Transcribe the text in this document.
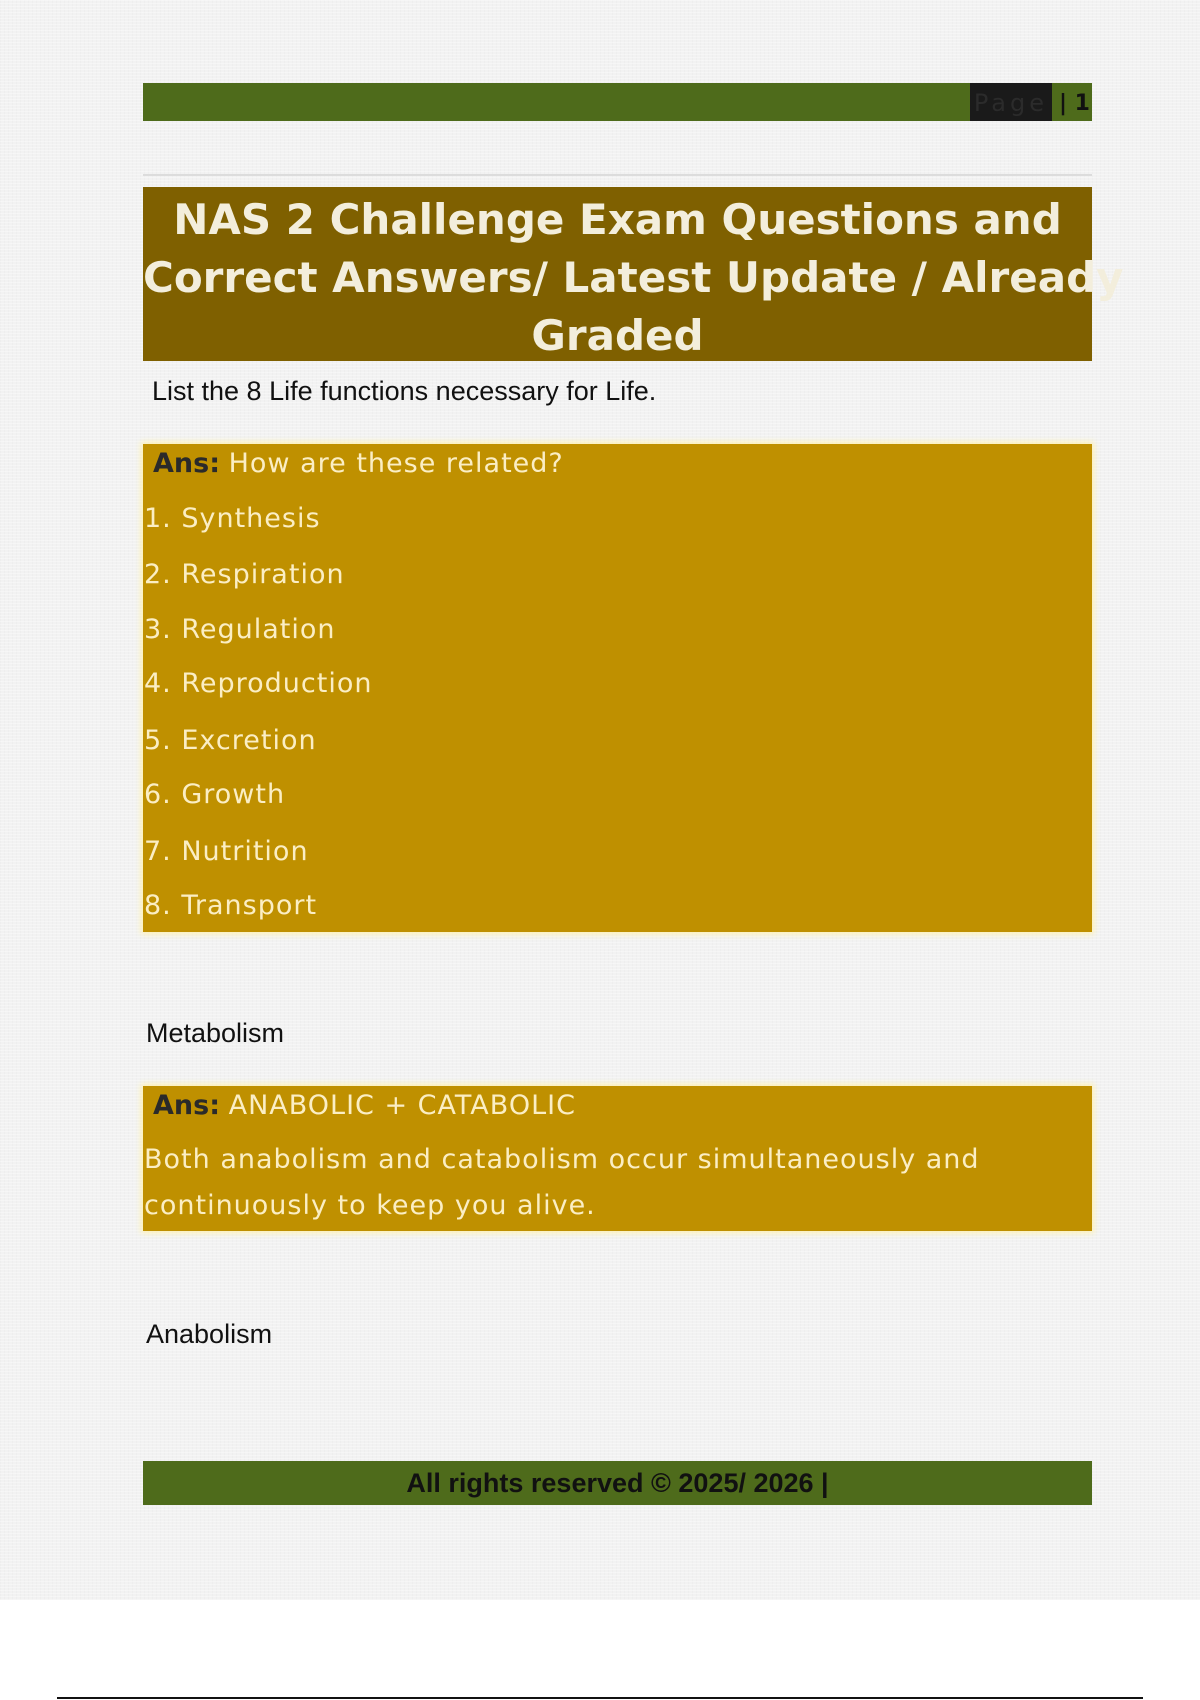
Page | 1
NAS 2 Challenge Exam Questions and
Correct Answers/ Latest Update / Already
Graded
List the 8 Life functions necessary for Life.
Ans: How are these related?
1. Synthesis
2. Respiration
3. Regulation
4. Reproduction
5. Excretion
6. Growth
7. Nutrition
8. Transport
Metabolism
Ans: ANABOLIC + CATABOLIC
Both anabolism and catabolism occur simultaneously and
continuously to keep you alive.
Anabolism
All rights reserved © 2025/ 2026 |
